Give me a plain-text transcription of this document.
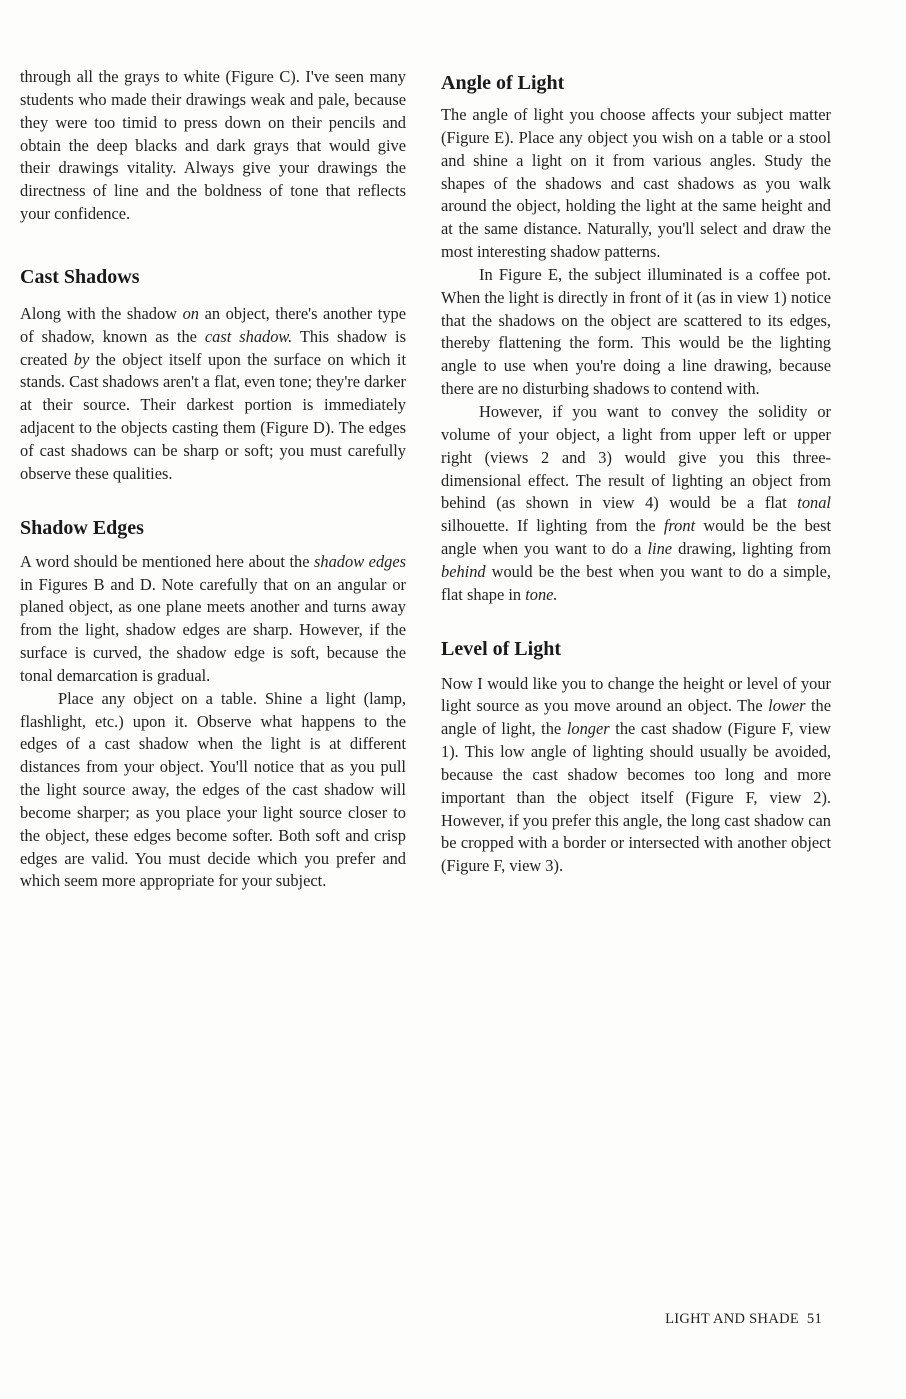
through all the grays to white (Figure C). I've seen many students who made their drawings weak and pale, because they were too timid to press down on their pencils and obtain the deep blacks and dark grays that would give their drawings vitality. Always give your drawings the directness of line and the boldness of tone that reflects your confidence.

Cast Shadows

Along with the shadow on an object, there's another type of shadow, known as the cast shadow. This shadow is created by the object itself upon the surface on which it stands. Cast shadows aren't a flat, even tone; they're darker at their source. Their darkest portion is immediately adjacent to the objects casting them (Figure D). The edges of cast shadows can be sharp or soft; you must carefully observe these qualities.

Shadow Edges

A word should be mentioned here about the shadow edges in Figures B and D. Note carefully that on an angular or planed object, as one plane meets another and turns away from the light, shadow edges are sharp. However, if the surface is curved, the shadow edge is soft, because the tonal demarcation is gradual.

Place any object on a table. Shine a light (lamp, flashlight, etc.) upon it. Observe what happens to the edges of a cast shadow when the light is at different distances from your object. You'll notice that as you pull the light source away, the edges of the cast shadow will become sharper; as you place your light source closer to the object, these edges become softer. Both soft and crisp edges are valid. You must decide which you prefer and which seem more appropriate for your subject.

Angle of Light

The angle of light you choose affects your subject matter (Figure E). Place any object you wish on a table or a stool and shine a light on it from various angles. Study the shapes of the shadows and cast shadows as you walk around the object, holding the light at the same height and at the same distance. Naturally, you'll select and draw the most interesting shadow patterns.

In Figure E, the subject illuminated is a coffee pot. When the light is directly in front of it (as in view 1) notice that the shadows on the object are scattered to its edges, thereby flattening the form. This would be the lighting angle to use when you're doing a line drawing, because there are no disturbing shadows to contend with.

However, if you want to convey the solidity or volume of your object, a light from upper left or upper right (views 2 and 3) would give you this three-dimensional effect. The result of lighting an object from behind (as shown in view 4) would be a flat tonal silhouette. If lighting from the front would be the best angle when you want to do a line drawing, lighting from behind would be the best when you want to do a simple, flat shape in tone.

Level of Light

Now I would like you to change the height or level of your light source as you move around an object. The lower the angle of light, the longer the cast shadow (Figure F, view 1). This low angle of lighting should usually be avoided, because the cast shadow becomes too long and more important than the object itself (Figure F, view 2). However, if you prefer this angle, the long cast shadow can be cropped with a border or intersected with another object (Figure F, view 3).

LIGHT AND SHADE 51
